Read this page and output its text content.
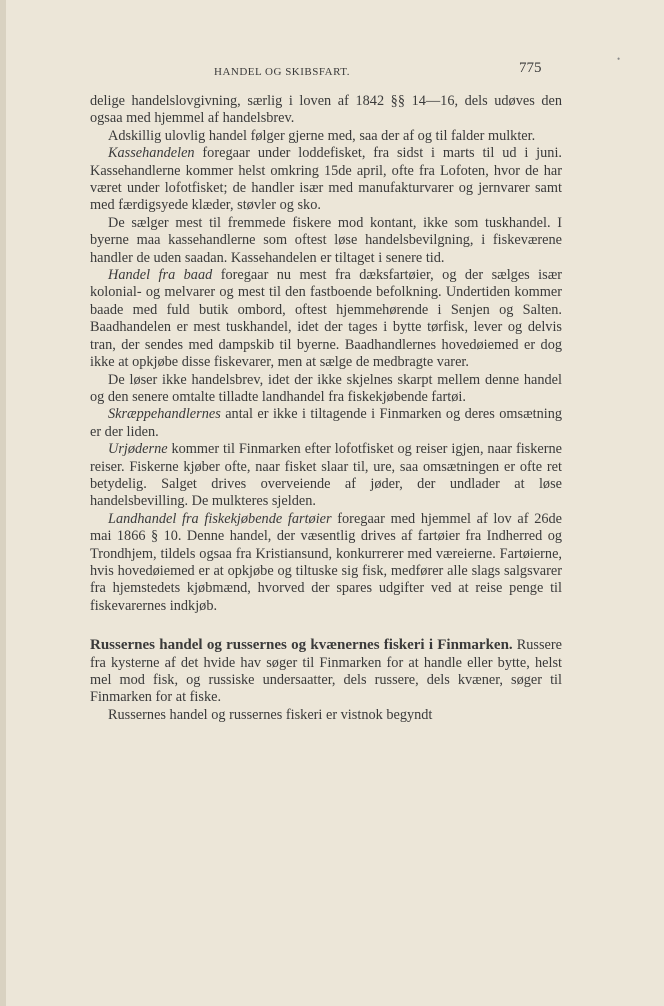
•
HANDEL OG SKIBSFART.	775

delige handelslovgivning, særlig i loven af 1842 §§ 14—16, dels udøves den ogsaa med hjemmel af handelsbrev.

Adskillig ulovlig handel følger gjerne med, saa der af og til falder mulkter.

Kassehandelen foregaar under loddefisket, fra sidst i marts til ud i juni. Kassehandlerne kommer helst omkring 15de april, ofte fra Lofoten, hvor de har været under lofotfisket; de handler især med manufakturvarer og jernvarer samt med færdigsyede klæder, støvler og sko.

De sælger mest til fremmede fiskere mod kontant, ikke som tuskhandel. I byerne maa kassehandlerne som oftest løse handelsbevilgning, i fiskeværene handler de uden saadan. Kassehandelen er tiltaget i senere tid.

Handel fra baad foregaar nu mest fra dæksfartøier, og der sælges især kolonial- og melvarer og mest til den fastboende befolkning. Undertiden kommer baade med fuld butik ombord, oftest hjemmehørende i Senjen og Salten. Baadhandelen er mest tuskhandel, idet der tages i bytte tørfisk, lever og delvis tran, der sendes med dampskib til byerne. Baadhandlernes hovedøiemed er dog ikke at opkjøbe disse fiskevarer, men at sælge de medbragte varer.

De løser ikke handelsbrev, idet der ikke skjelnes skarpt mellem denne handel og den senere omtalte tilladte landhandel fra fiskekjøbende fartøi.

Skræppehandlernes antal er ikke i tiltagende i Finmarken og deres omsætning er der liden.

Urjøderne kommer til Finmarken efter lofotfisket og reiser igjen, naar fiskerne reiser. Fiskerne kjøber ofte, naar fisket slaar til, ure, saa omsætningen er ofte ret betydelig. Salget drives overveiende af jøder, der undlader at løse handelsbevilling. De mulkteres sjelden.

Landhandel fra fiskekjøbende fartøier foregaar med hjemmel af lov af 26de mai 1866 § 10. Denne handel, der væsentlig drives af fartøier fra Indherred og Trondhjem, tildels ogsaa fra Kristiansund, konkurrerer med væreierne. Fartøierne, hvis hovedøiemed er at opkjøbe og tiltuske sig fisk, medfører alle slags salgsvarer fra hjemstedets kjøbmænd, hvorved der spares udgifter ved at reise penge til fiskevarernes indkjøb.

Russernes handel og russernes og kvænernes fiskeri i Finmarken. Russere fra kysterne af det hvide hav søger til Finmarken for at handle eller bytte, helst mel mod fisk, og russiske undersaatter, dels russere, dels kvæner, søger til Finmarken for at fiske.

Russernes handel og russernes fiskeri er vistnok begyndt
